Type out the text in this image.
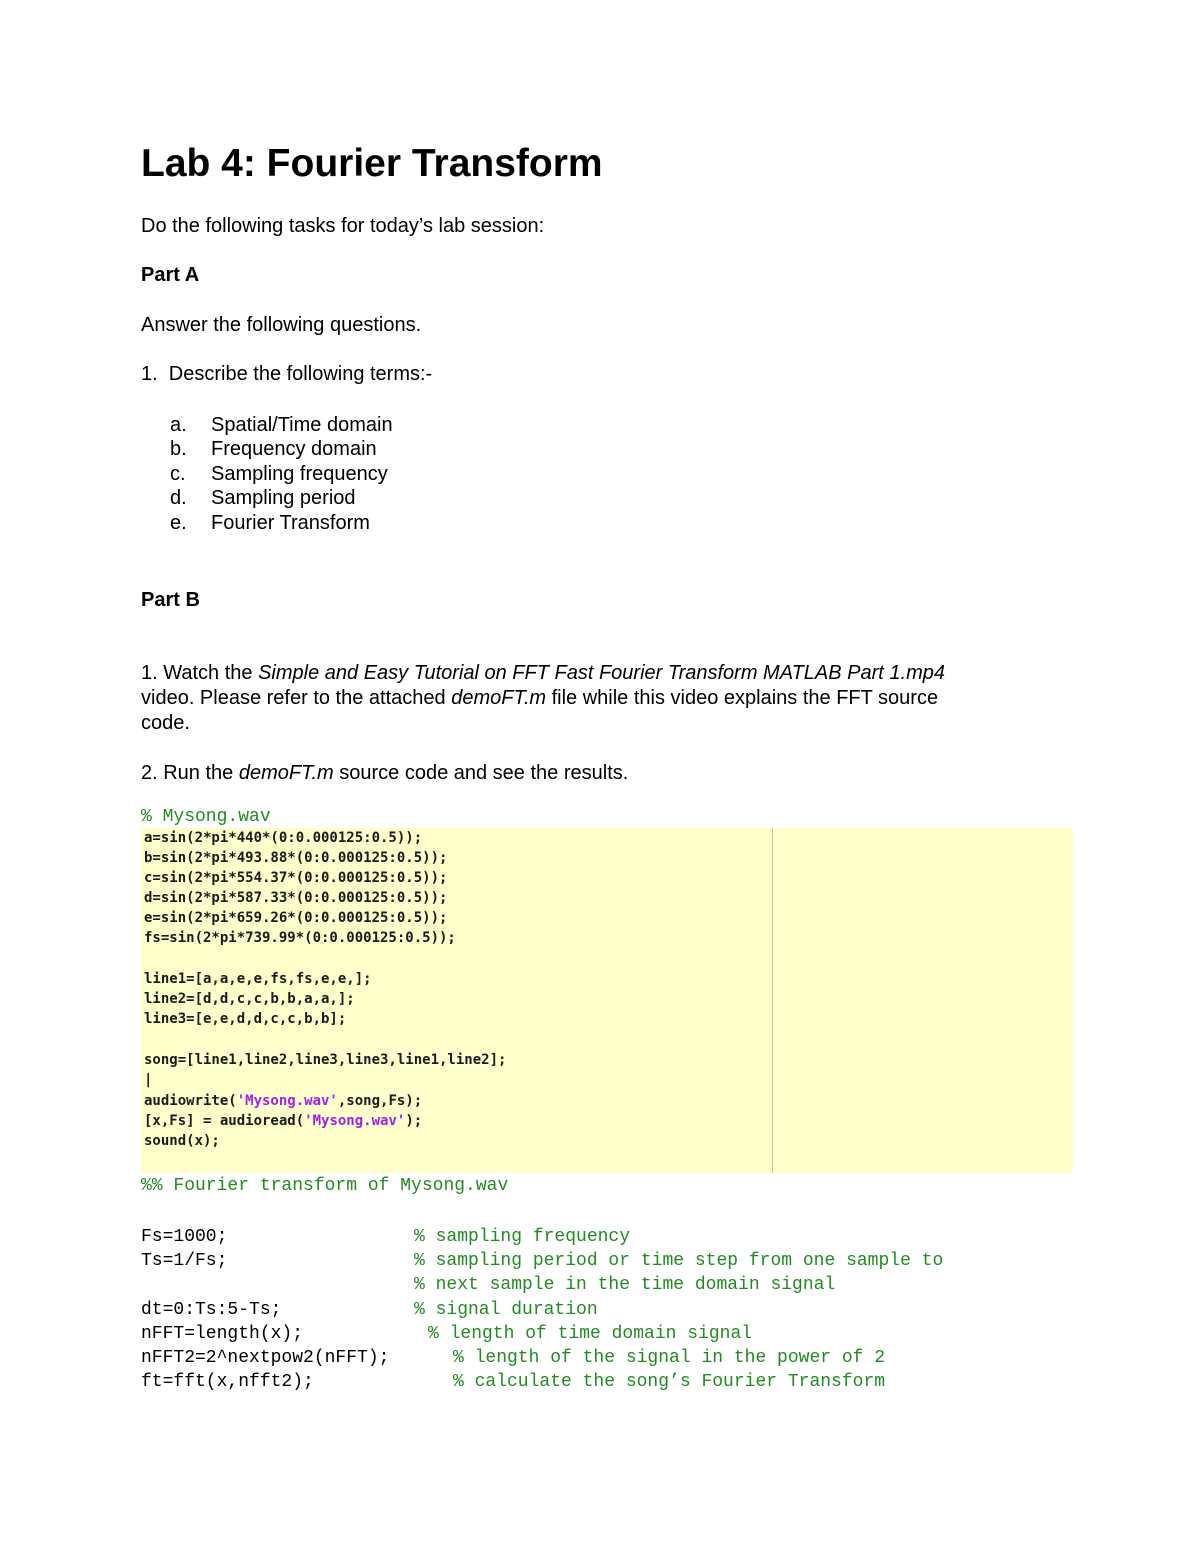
Lab 4: Fourier Transform
Do the following tasks for today’s lab session:
Part A
Answer the following questions.
1.  Describe the following terms:-
a. Spatial/Time domain
b. Frequency domain
c. Sampling frequency
d. Sampling period
e. Fourier Transform
Part B
1. Watch the Simple and Easy Tutorial on FFT Fast Fourier Transform MATLAB Part 1.mp4
video. Please refer to the attached demoFT.m file while this video explains the FFT source
code.
2. Run the demoFT.m source code and see the results.
% Mysong.wav
a=sin(2*pi*440*(0:0.000125:0.5));
b=sin(2*pi*493.88*(0:0.000125:0.5));
c=sin(2*pi*554.37*(0:0.000125:0.5));
d=sin(2*pi*587.33*(0:0.000125:0.5));
e=sin(2*pi*659.26*(0:0.000125:0.5));
fs=sin(2*pi*739.99*(0:0.000125:0.5));
line1=[a,a,e,e,fs,fs,e,e,];
line2=[d,d,c,c,b,b,a,a,];
line3=[e,e,d,d,c,c,b,b];
song=[line1,line2,line3,line3,line1,line2];
|
audiowrite('Mysong.wav',song,Fs);
[x,Fs] = audioread('Mysong.wav');
sound(x);
%% Fourier transform of Mysong.wav
Fs=1000;	% sampling frequency
Ts=1/Fs;	% sampling period or time step from one sample to
% next sample in the time domain signal
dt=0:Ts:5-Ts;	% signal duration
nFFT=length(x);	% length of time domain signal
nFFT2=2^nextpow2(nFFT);	% length of the signal in the power of 2
ft=fft(x,nfft2);	% calculate the song’s Fourier Transform
